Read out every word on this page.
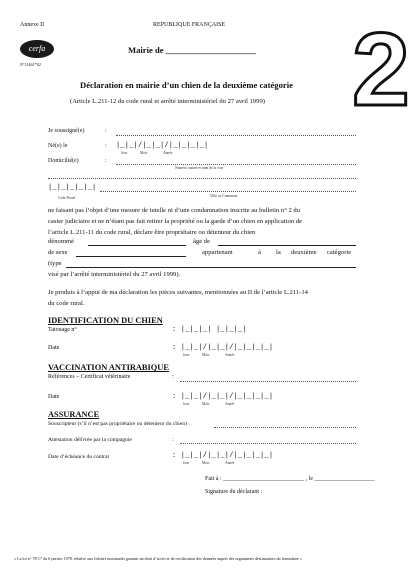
Annexe II	REPUBLIQUE FRANÇAISE
cerfa
N°11461*02
Mairie de _____________________ 2
Déclaration en mairie d’un chien de la deuxième catégorie
(Article L.211-12 du code rural et arrêté interministériel du 27 avril 1999)
Je soussigné(e)	:
Né(e) le	: |_|_|/|_|_|/|_|_|_|_|
Jour	Mois	Année
Domicilié(e)	:
Numéro, nature et nom de la voie
|_|_|_|_|_|
Code Postal	Ville ou Commune
ne faisant pas l’objet d’une mesure de tutelle ni d’une condamnation inscrite au bulletin n° 2 du
casier judiciaire et ne n’étant pas fait retirer la propriété ou la garde d’un chien en application de
l’article L.211-11 du code rural, déclare être propriétaire ou détenteur du chien
dénommé	âge de
de sexe	appartenant	à la deuxième catégorie
(type
visé par l’arrêté interministériel du 27 avril 1999).
Je produis à l’appui de ma déclaration les pièces suivantes, mentionnées au II de l’article L.211-14
du code rural.
IDENTIFICATION DU CHIEN
Tatouage n°	: |_|_|_| |_|_|_|
Date	: |_|_|/|_|_|/|_|_|_|_|
Jour	Mois	Année
VACCINATION ANTIRABIQUE
Références – Certificat vétérinaire	:
Date	: |_|_|/|_|_|/|_|_|_|_|
Jour	Mois	Année
ASSURANCE
Souscripteur (s’il n’est pas propriétaire ou détenteur du chien) :
Attestation délivrée par la compagnie	:
Date d’échéance du contrat	: |_|_|/|_|_|/|_|_|_|_|
Jour	Mois	Année
Fait à : ___________________________ , le ____________________
Signature du déclarant :
« La loi n° 78-17 du 6 janvier 1978, relative aux fichiers nominatifs garantit un droit d’accès et de rectification des données auprès des organismes destinataires du formulaire »
